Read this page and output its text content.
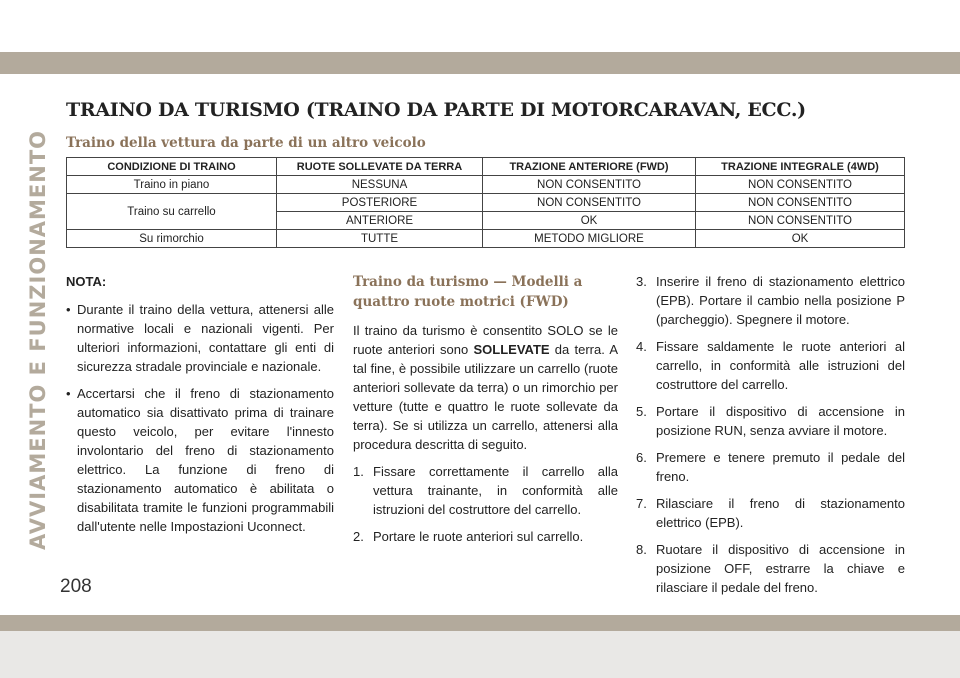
AVVIAMENTO E FUNZIONAMENTO
TRAINO DA TURISMO (TRAINO DA PARTE DI MOTORCARAVAN, ECC.)
Traino della vettura da parte di un altro veicolo
CONDIZIONE DI TRAINO	RUOTE SOLLEVATE DA TERRA	TRAZIONE ANTERIORE (FWD)	TRAZIONE INTEGRALE (4WD)
Traino in piano	NESSUNA	NON CONSENTITO	NON CONSENTITO
Traino su carrello	POSTERIORE	NON CONSENTITO	NON CONSENTITO
	ANTERIORE	OK	NON CONSENTITO
Su rimorchio	TUTTE	METODO MIGLIORE	OK

NOTA:

• Durante il traino della vettura, attenersi alle normative locali e nazionali vigenti. Per ulteriori informazioni, contattare gli enti di sicurezza stradale provinciale e nazionale.

• Accertarsi che il freno di stazionamento automatico sia disattivato prima di trainare questo veicolo, per evitare l'innesto involontario del freno di stazionamento elettrico. La funzione di freno di stazionamento automatico è abilitata o disabilitata tramite le funzioni programmabili dall'utente nelle Impostazioni Uconnect.

Traino da turismo — Modelli a quattro ruote motrici (FWD)

Il traino da turismo è consentito SOLO se le ruote anteriori sono SOLLEVATE da terra. A tal fine, è possibile utilizzare un carrello (ruote anteriori sollevate da terra) o un rimorchio per vetture (tutte e quattro le ruote sollevate da terra). Se si utilizza un carrello, attenersi alla procedura descritta di seguito.

1. Fissare correttamente il carrello alla vettura trainante, in conformità alle istruzioni del costruttore del carrello.
2. Portare le ruote anteriori sul carrello.
3. Inserire il freno di stazionamento elettrico (EPB). Portare il cambio nella posizione P (parcheggio). Spegnere il motore.
4. Fissare saldamente le ruote anteriori al carrello, in conformità alle istruzioni del costruttore del carrello.
5. Portare il dispositivo di accensione in posizione RUN, senza avviare il motore.
6. Premere e tenere premuto il pedale del freno.
7. Rilasciare il freno di stazionamento elettrico (EPB).
8. Ruotare il dispositivo di accensione in posizione OFF, estrarre la chiave e rilasciare il pedale del freno.
208
